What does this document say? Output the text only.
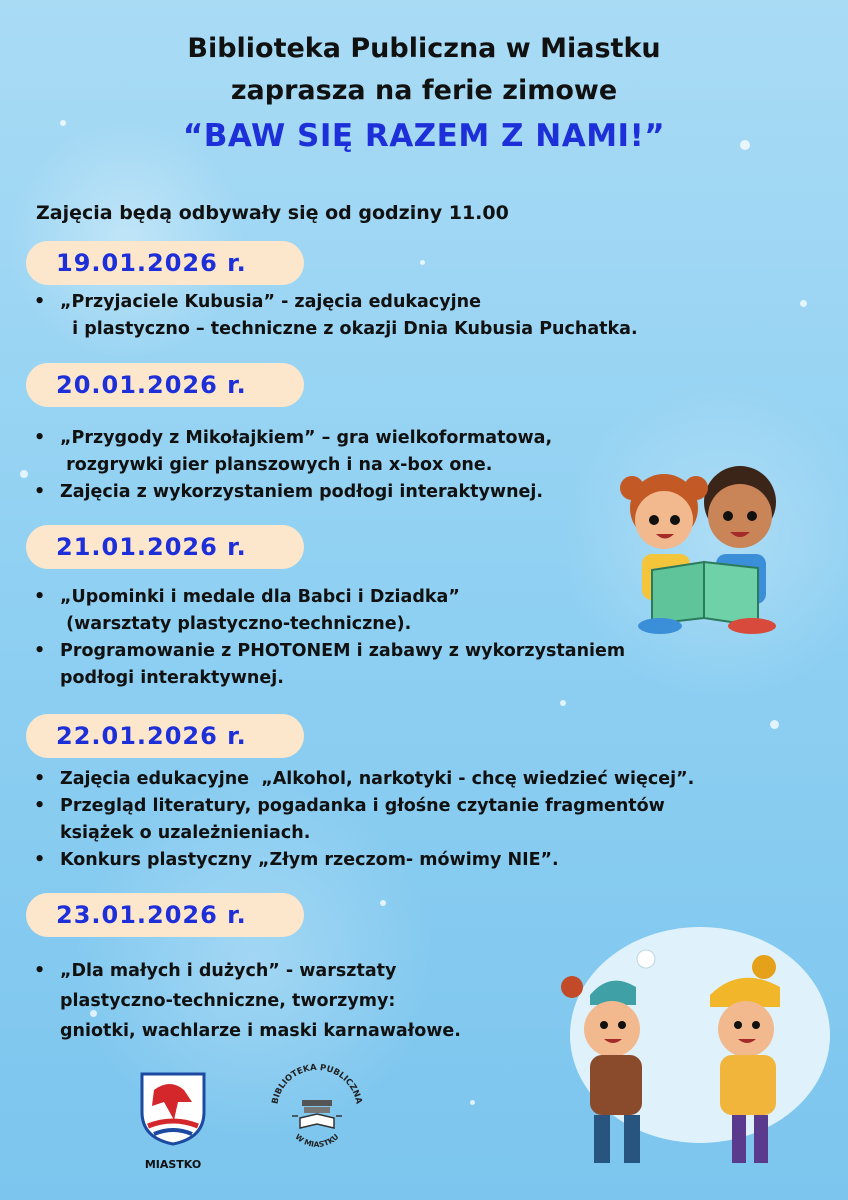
Biblioteka Publiczna w Miastku
zaprasza na ferie zimowe
“BAW SIĘ RAZEM Z NAMI!”
Zajęcia będą odbywały się od godziny 11.00
19.01.2026 r.
• „Przyjaciele Kubusia” - zajęcia edukacyjne
i plastyczno – techniczne z okazji Dnia Kubusia Puchatka.
20.01.2026 r.
• „Przygody z Mikołajkiem” – gra wielkoformatowa,
rozgrywki gier planszowych i na x-box one.
• Zajęcia z wykorzystaniem podłogi interaktywnej.
21.01.2026 r.
• „Upominki i medale dla Babci i Dziadka”
(warsztaty plastyczno-techniczne).
• Programowanie z PHOTONEM i zabawy z wykorzystaniem
podłogi interaktywnej.
22.01.2026 r.
• Zajęcia edukacyjne  „Alkohol, narkotyki - chcę wiedzieć więcej”.
• Przegląd literatury, pogadanka i głośne czytanie fragmentów
książek o uzależnieniach.
• Konkurs plastyczny „Złym rzeczom- mówimy NIE”.
23.01.2026 r.
• „Dla małych i dużych” - warsztaty
plastyczno-techniczne, tworzymy:
gniotki, wachlarze i maski karnawałowe.
MIASTKO
BIBLIOTEKA PUBLICZNA
W MIASTKU
